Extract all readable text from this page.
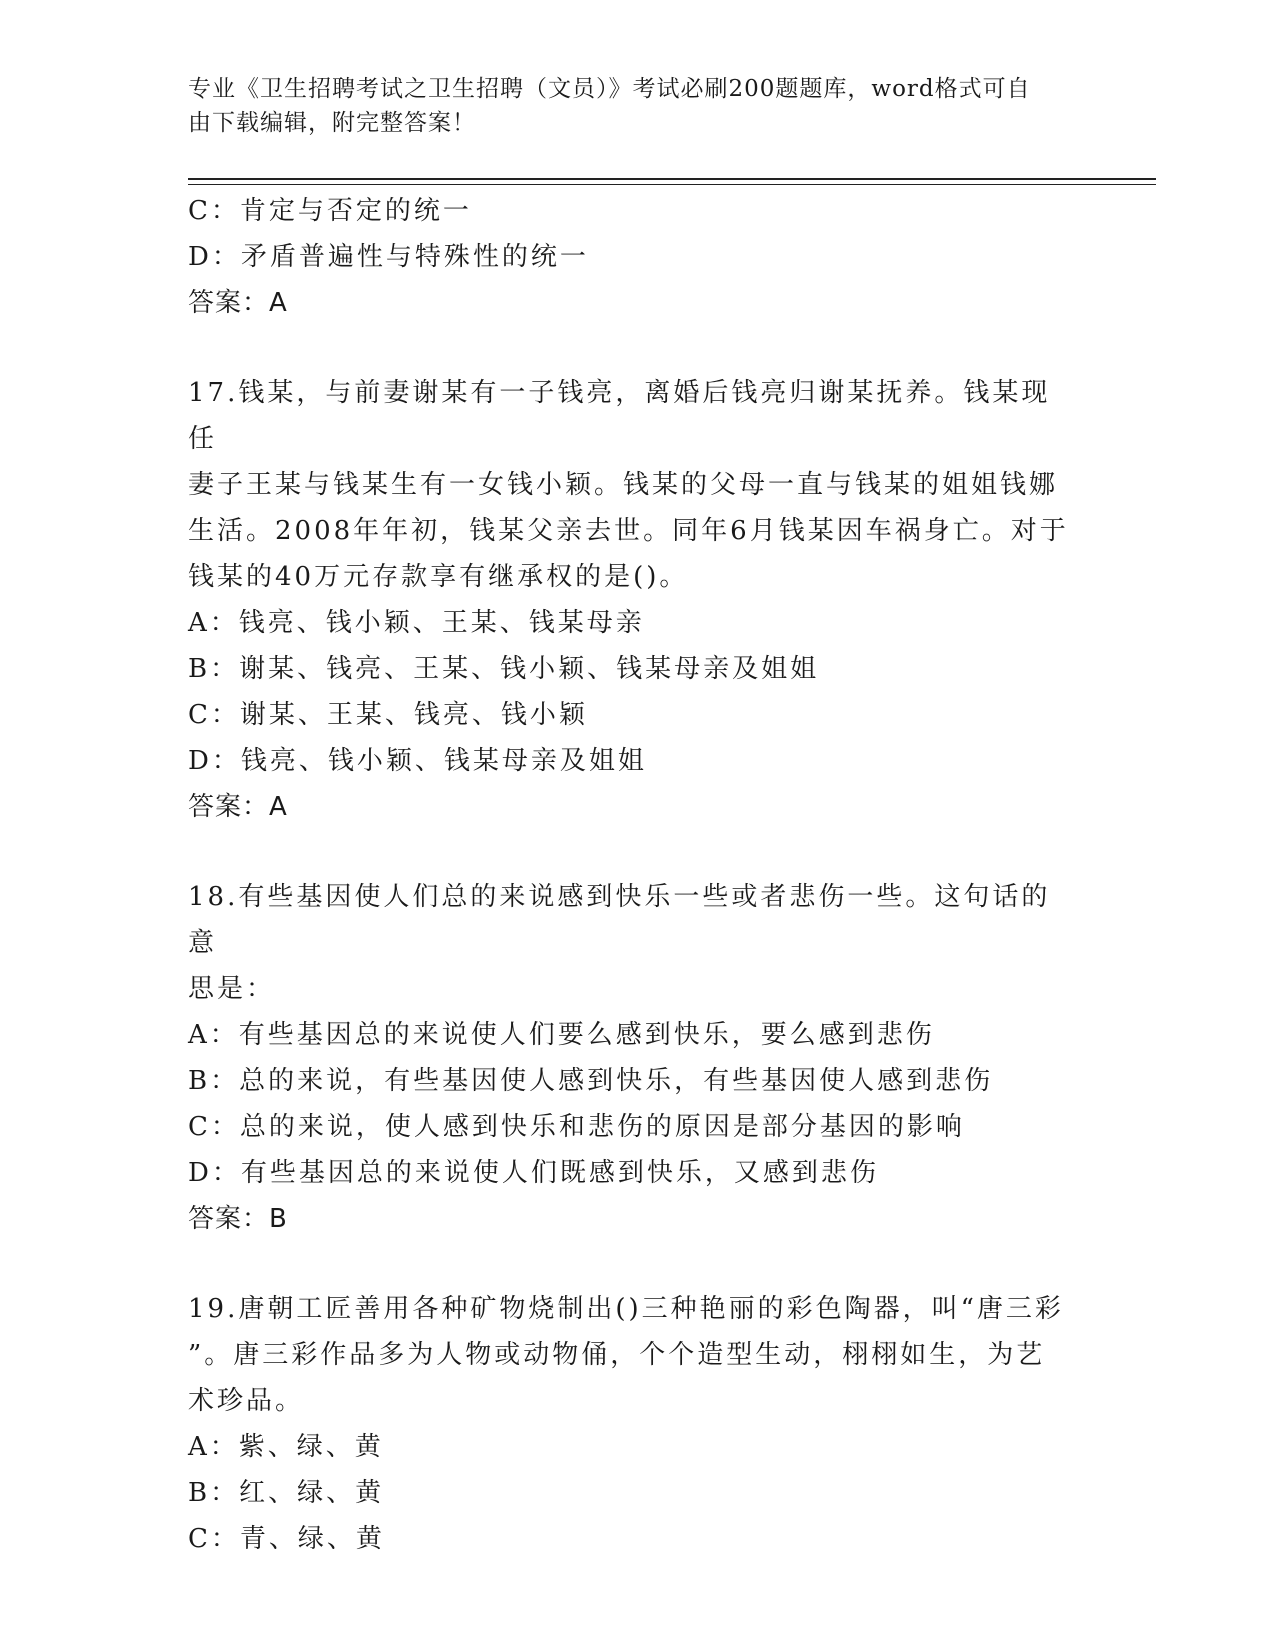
专业《卫生招聘考试之卫生招聘（文员）》考试必刷200题题库，word格式可自
由下载编辑，附完整答案！
C：肯定与否定的统一
D：矛盾普遍性与特殊性的统一
答案：A
17.钱某，与前妻谢某有一子钱亮，离婚后钱亮归谢某抚养。钱某现任
妻子王某与钱某生有一女钱小颖。钱某的父母一直与钱某的姐姐钱娜
生活。2008年年初，钱某父亲去世。同年6月钱某因车祸身亡。对于
钱某的40万元存款享有继承权的是()。
A：钱亮、钱小颖、王某、钱某母亲
B：谢某、钱亮、王某、钱小颖、钱某母亲及姐姐
C：谢某、王某、钱亮、钱小颖
D：钱亮、钱小颖、钱某母亲及姐姐
答案：A
18.有些基因使人们总的来说感到快乐一些或者悲伤一些。这句话的意
思是：
A：有些基因总的来说使人们要么感到快乐，要么感到悲伤
B：总的来说，有些基因使人感到快乐，有些基因使人感到悲伤
C：总的来说，使人感到快乐和悲伤的原因是部分基因的影响
D：有些基因总的来说使人们既感到快乐，又感到悲伤
答案：B
19.唐朝工匠善用各种矿物烧制出()三种艳丽的彩色陶器，叫“唐三彩
”。唐三彩作品多为人物或动物俑，个个造型生动，栩栩如生，为艺
术珍品。
A：紫、绿、黄
B：红、绿、黄
C：青、绿、黄
